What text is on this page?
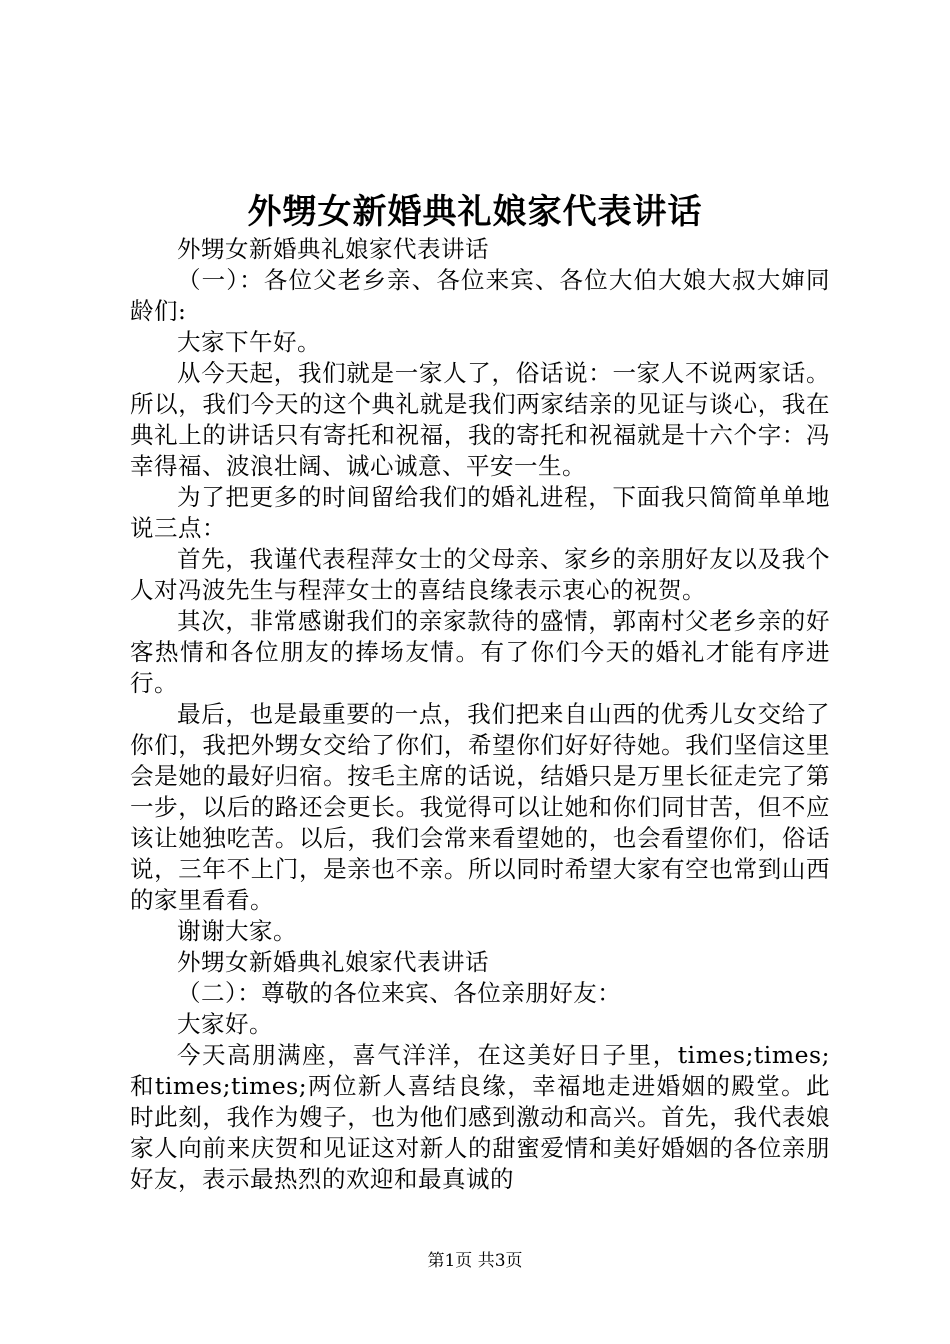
外甥女新婚典礼娘家代表讲话

外甥女新婚典礼娘家代表讲话

（一）：各位父老乡亲、各位来宾、各位大伯大娘大叔大婶同龄们:

大家下午好。

从今天起，我们就是一家人了，俗话说：一家人不说两家话。所以，我们今天的这个典礼就是我们两家结亲的见证与谈心，我在典礼上的讲话只有寄托和祝福，我的寄托和祝福就是十六个字：冯幸得福、波浪壮阔、诚心诚意、平安一生。

为了把更多的时间留给我们的婚礼进程，下面我只简简单单地说三点：

首先，我谨代表程萍女士的父母亲、家乡的亲朋好友以及我个人对冯波先生与程萍女士的喜结良缘表示衷心的祝贺。

其次，非常感谢我们的亲家款待的盛情，郭南村父老乡亲的好客热情和各位朋友的捧场友情。有了你们今天的婚礼才能有序进行。

最后，也是最重要的一点，我们把来自山西的优秀儿女交给了你们，我把外甥女交给了你们，希望你们好好待她。我们坚信这里会是她的最好归宿。按毛主席的话说，结婚只是万里长征走完了第一步，以后的路还会更长。我觉得可以让她和你们同甘苦，但不应该让她独吃苦。以后，我们会常来看望她的，也会看望你们，俗话说，三年不上门，是亲也不亲。所以同时希望大家有空也常到山西的家里看看。

谢谢大家。

外甥女新婚典礼娘家代表讲话

（二）：尊敬的各位来宾、各位亲朋好友：

大家好。

今天高朋满座，喜气洋洋，在这美好日子里，times;times;和times;times;两位新人喜结良缘，幸福地走进婚姻的殿堂。此时此刻，我作为嫂子，也为他们感到激动和高兴。首先，我代表娘家人向前来庆贺和见证这对新人的甜蜜爱情和美好婚姻的各位亲朋好友，表示最热烈的欢迎和最真诚的

第1页 共3页
